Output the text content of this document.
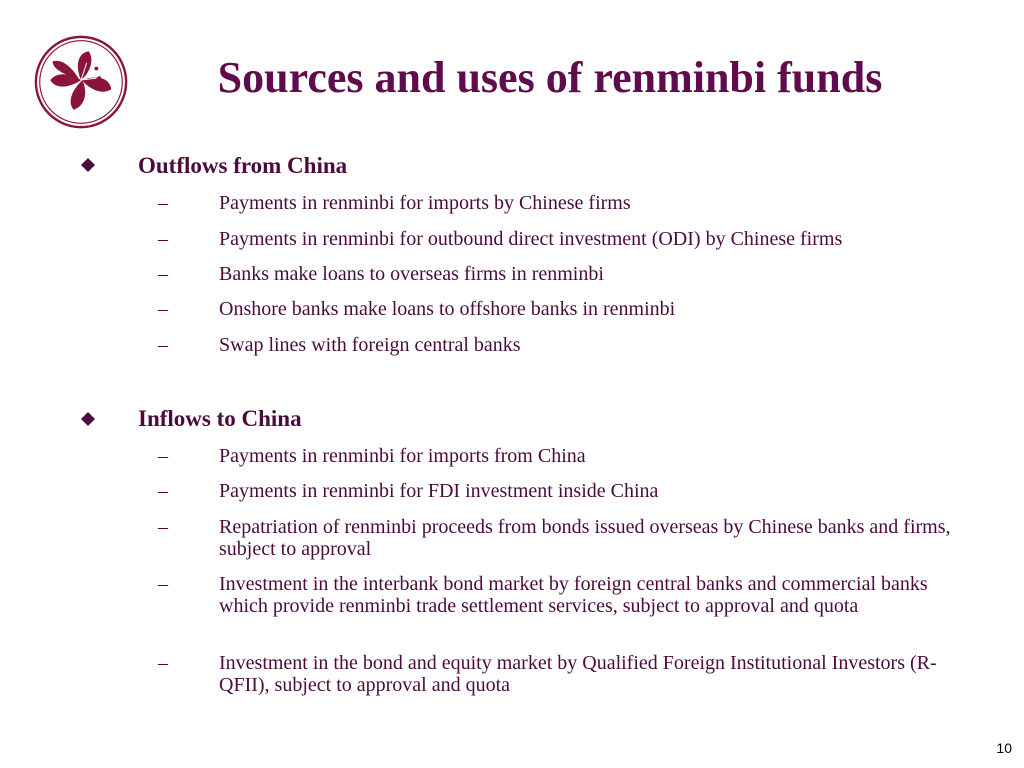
Sources and uses of renminbi funds
Outflows from China
–	Payments in renminbi for imports by Chinese firms
–	Payments in renminbi for outbound direct investment (ODI) by Chinese firms
–	Banks make loans to overseas firms in renminbi
–	Onshore banks make loans to offshore banks in renminbi
–	Swap lines with foreign central banks
Inflows to China
–	Payments in renminbi for imports from China
–	Payments in renminbi for FDI investment inside China
–	Repatriation of renminbi proceeds from bonds issued overseas by Chinese banks and firms, subject to approval
–	Investment in the interbank bond market by foreign central banks and commercial banks which provide renminbi trade settlement services, subject to approval and quota
–	Investment in the bond and equity market by Qualified Foreign Institutional Investors (R-QFII), subject to approval and quota
10
